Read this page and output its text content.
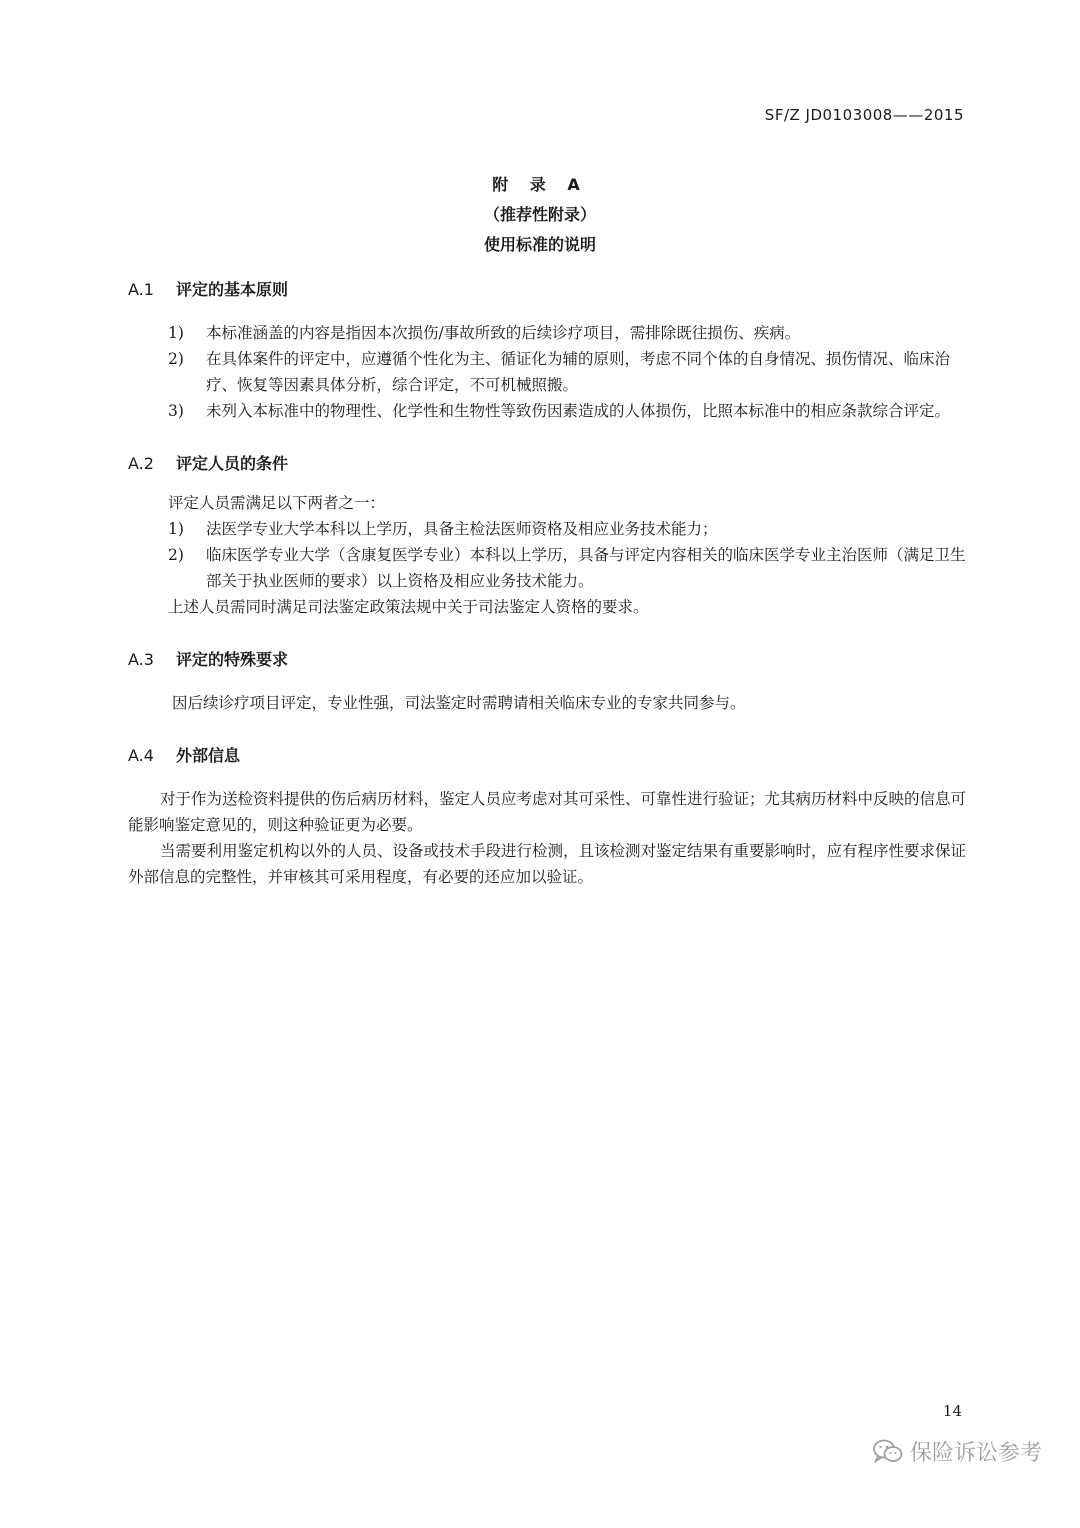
SF/Z JD0103008——2015
附 录 A
（推荐性附录）
使用标准的说明

A.1 评定的基本原则

1)	本标准涵盖的内容是指因本次损伤/事故所致的后续诊疗项目，需排除既往损伤、疾病。
2)	在具体案件的评定中，应遵循个性化为主、循证化为辅的原则，考虑不同个体的自身情况、损伤情况、临床治疗、恢复等因素具体分析，综合评定，不可机械照搬。
3)	未列入本标准中的物理性、化学性和生物性等致伤因素造成的人体损伤，比照本标准中的相应条款综合评定。

A.2 评定人员的条件

评定人员需满足以下两者之一：
1)	法医学专业大学本科以上学历，具备主检法医师资格及相应业务技术能力；
2)	临床医学专业大学（含康复医学专业）本科以上学历，具备与评定内容相关的临床医学专业主治医师（满足卫生部关于执业医师的要求）以上资格及相应业务技术能力。
上述人员需同时满足司法鉴定政策法规中关于司法鉴定人资格的要求。

A.3 评定的特殊要求

因后续诊疗项目评定，专业性强，司法鉴定时需聘请相关临床专业的专家共同参与。

A.4 外部信息

对于作为送检资料提供的伤后病历材料，鉴定人员应考虑对其可采性、可靠性进行验证；尤其病历材料中反映的信息可能影响鉴定意见的，则这种验证更为必要。
当需要利用鉴定机构以外的人员、设备或技术手段进行检测，且该检测对鉴定结果有重要影响时，应有程序性要求保证外部信息的完整性，并审核其可采用程度，有必要的还应加以验证。
14
保险诉讼参考
